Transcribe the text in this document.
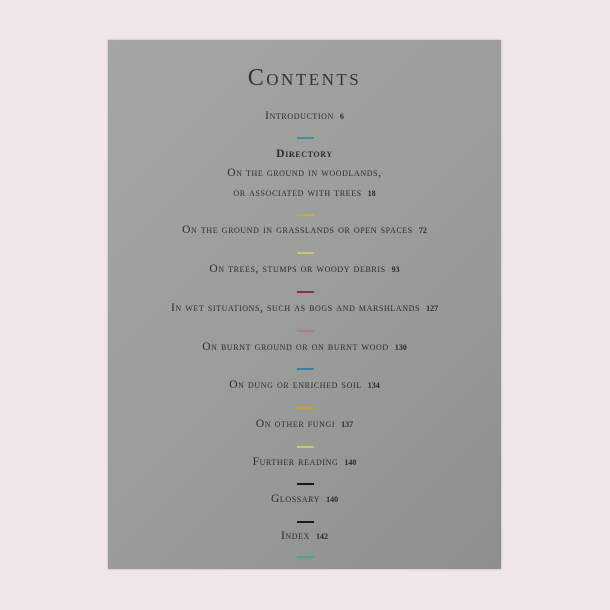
Contents
Introduction 6
Directory
On the ground in woodlands,
or associated with trees 18
On the ground in grasslands or open spaces 72
On trees, stumps or woody debris 93
In wet situations, such as bogs and marshlands 127
On burnt ground or on burnt wood 130
On dung or enriched soil 134
On other fungi 137
Further reading 140
Glossary 140
Index 142
